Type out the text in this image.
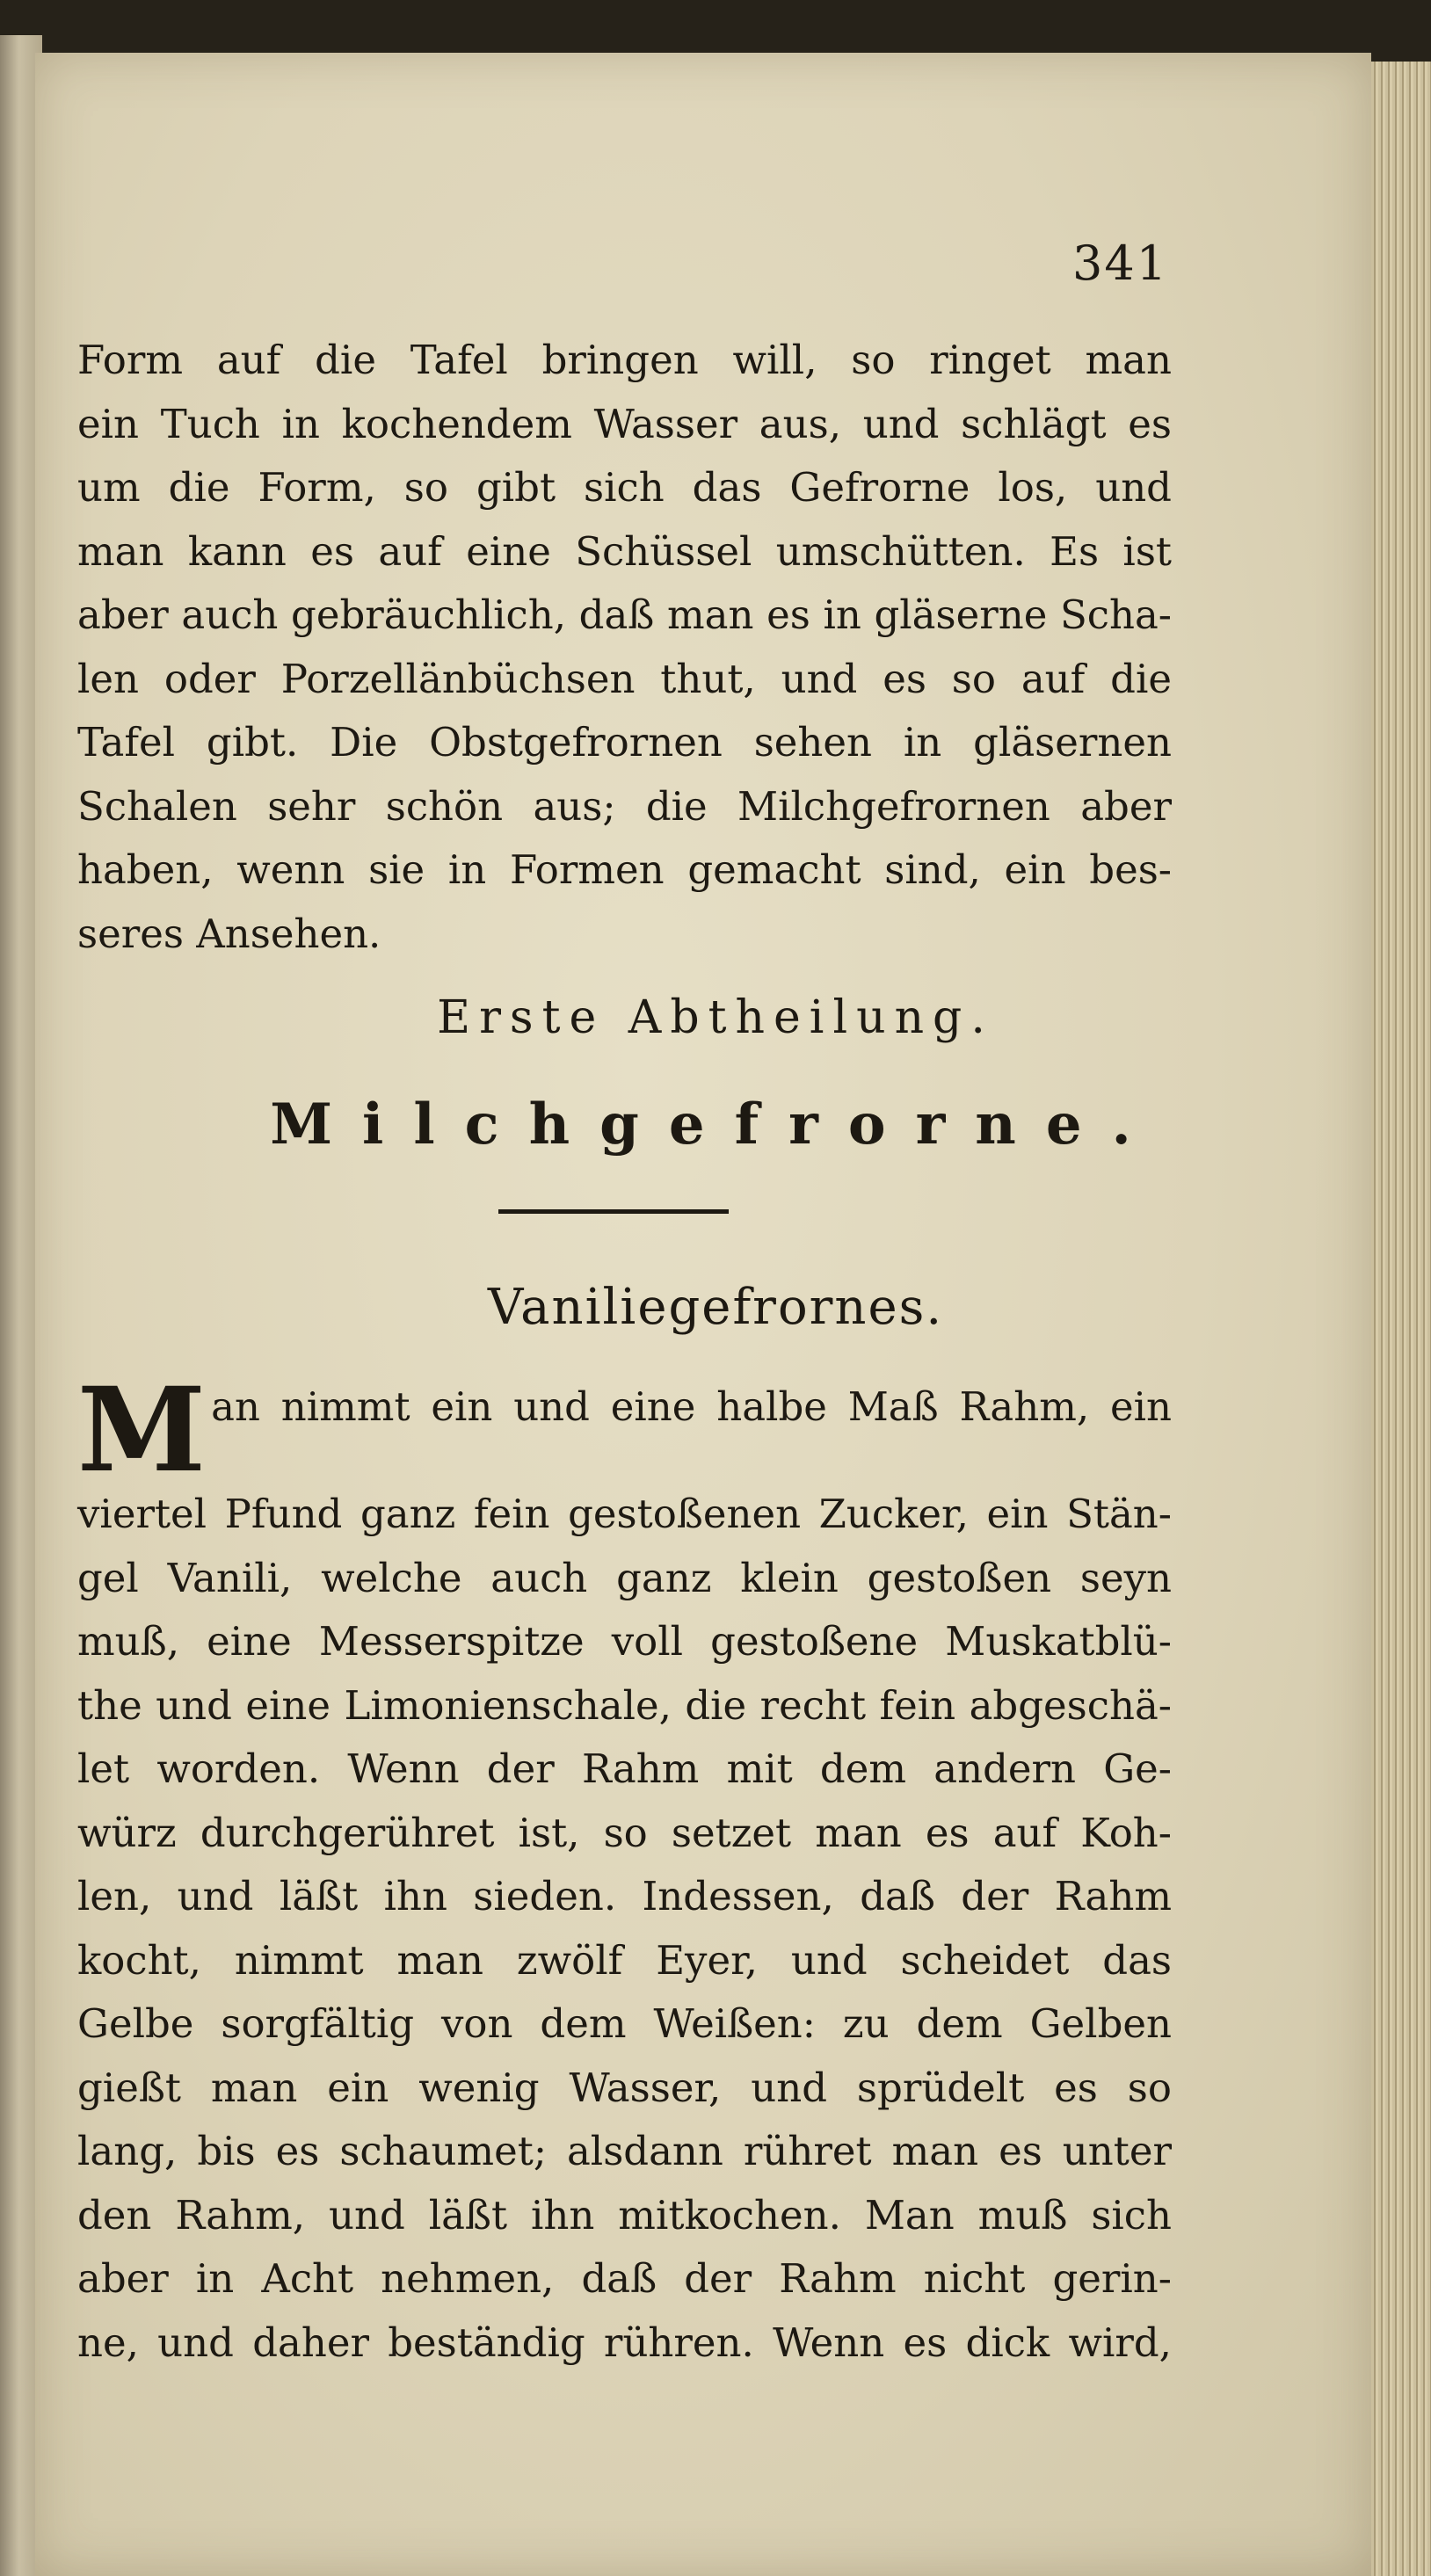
341
Form auf die Tafel bringen will, so ringet man
ein Tuch in kochendem Wasser aus, und schlägt es
um die Form, so gibt sich das Gefrorne los, und
man kann es auf eine Schüssel umschütten. Es ist
aber auch gebräuchlich, daß man es in gläserne Scha-
len oder Porzellänbüchsen thut, und es so auf die
Tafel gibt. Die Obstgefrornen sehen in gläsernen
Schalen sehr schön aus; die Milchgefrornen aber
haben, wenn sie in Formen gemacht sind, ein bes-
seres Ansehen.
Erste Abtheilung.
Milchgefrorne.
Vaniliegefrornes.
M an nimmt ein und eine halbe Maß Rahm, ein
viertel Pfund ganz fein gestoßenen Zucker, ein Stän-
gel Vanili, welche auch ganz klein gestoßen seyn
muß, eine Messerspitze voll gestoßene Muskatblü-
the und eine Limonienschale, die recht fein abgeschä-
let worden. Wenn der Rahm mit dem andern Ge-
würz durchgerühret ist, so setzet man es auf Koh-
len, und läßt ihn sieden. Indessen, daß der Rahm
kocht, nimmt man zwölf Eyer, und scheidet das
Gelbe sorgfältig von dem Weißen: zu dem Gelben
gießt man ein wenig Wasser, und sprüdelt es so
lang, bis es schaumet; alsdann rühret man es unter
den Rahm, und läßt ihn mitkochen. Man muß sich
aber in Acht nehmen, daß der Rahm nicht gerin-
ne, und daher beständig rühren. Wenn es dick wird,
